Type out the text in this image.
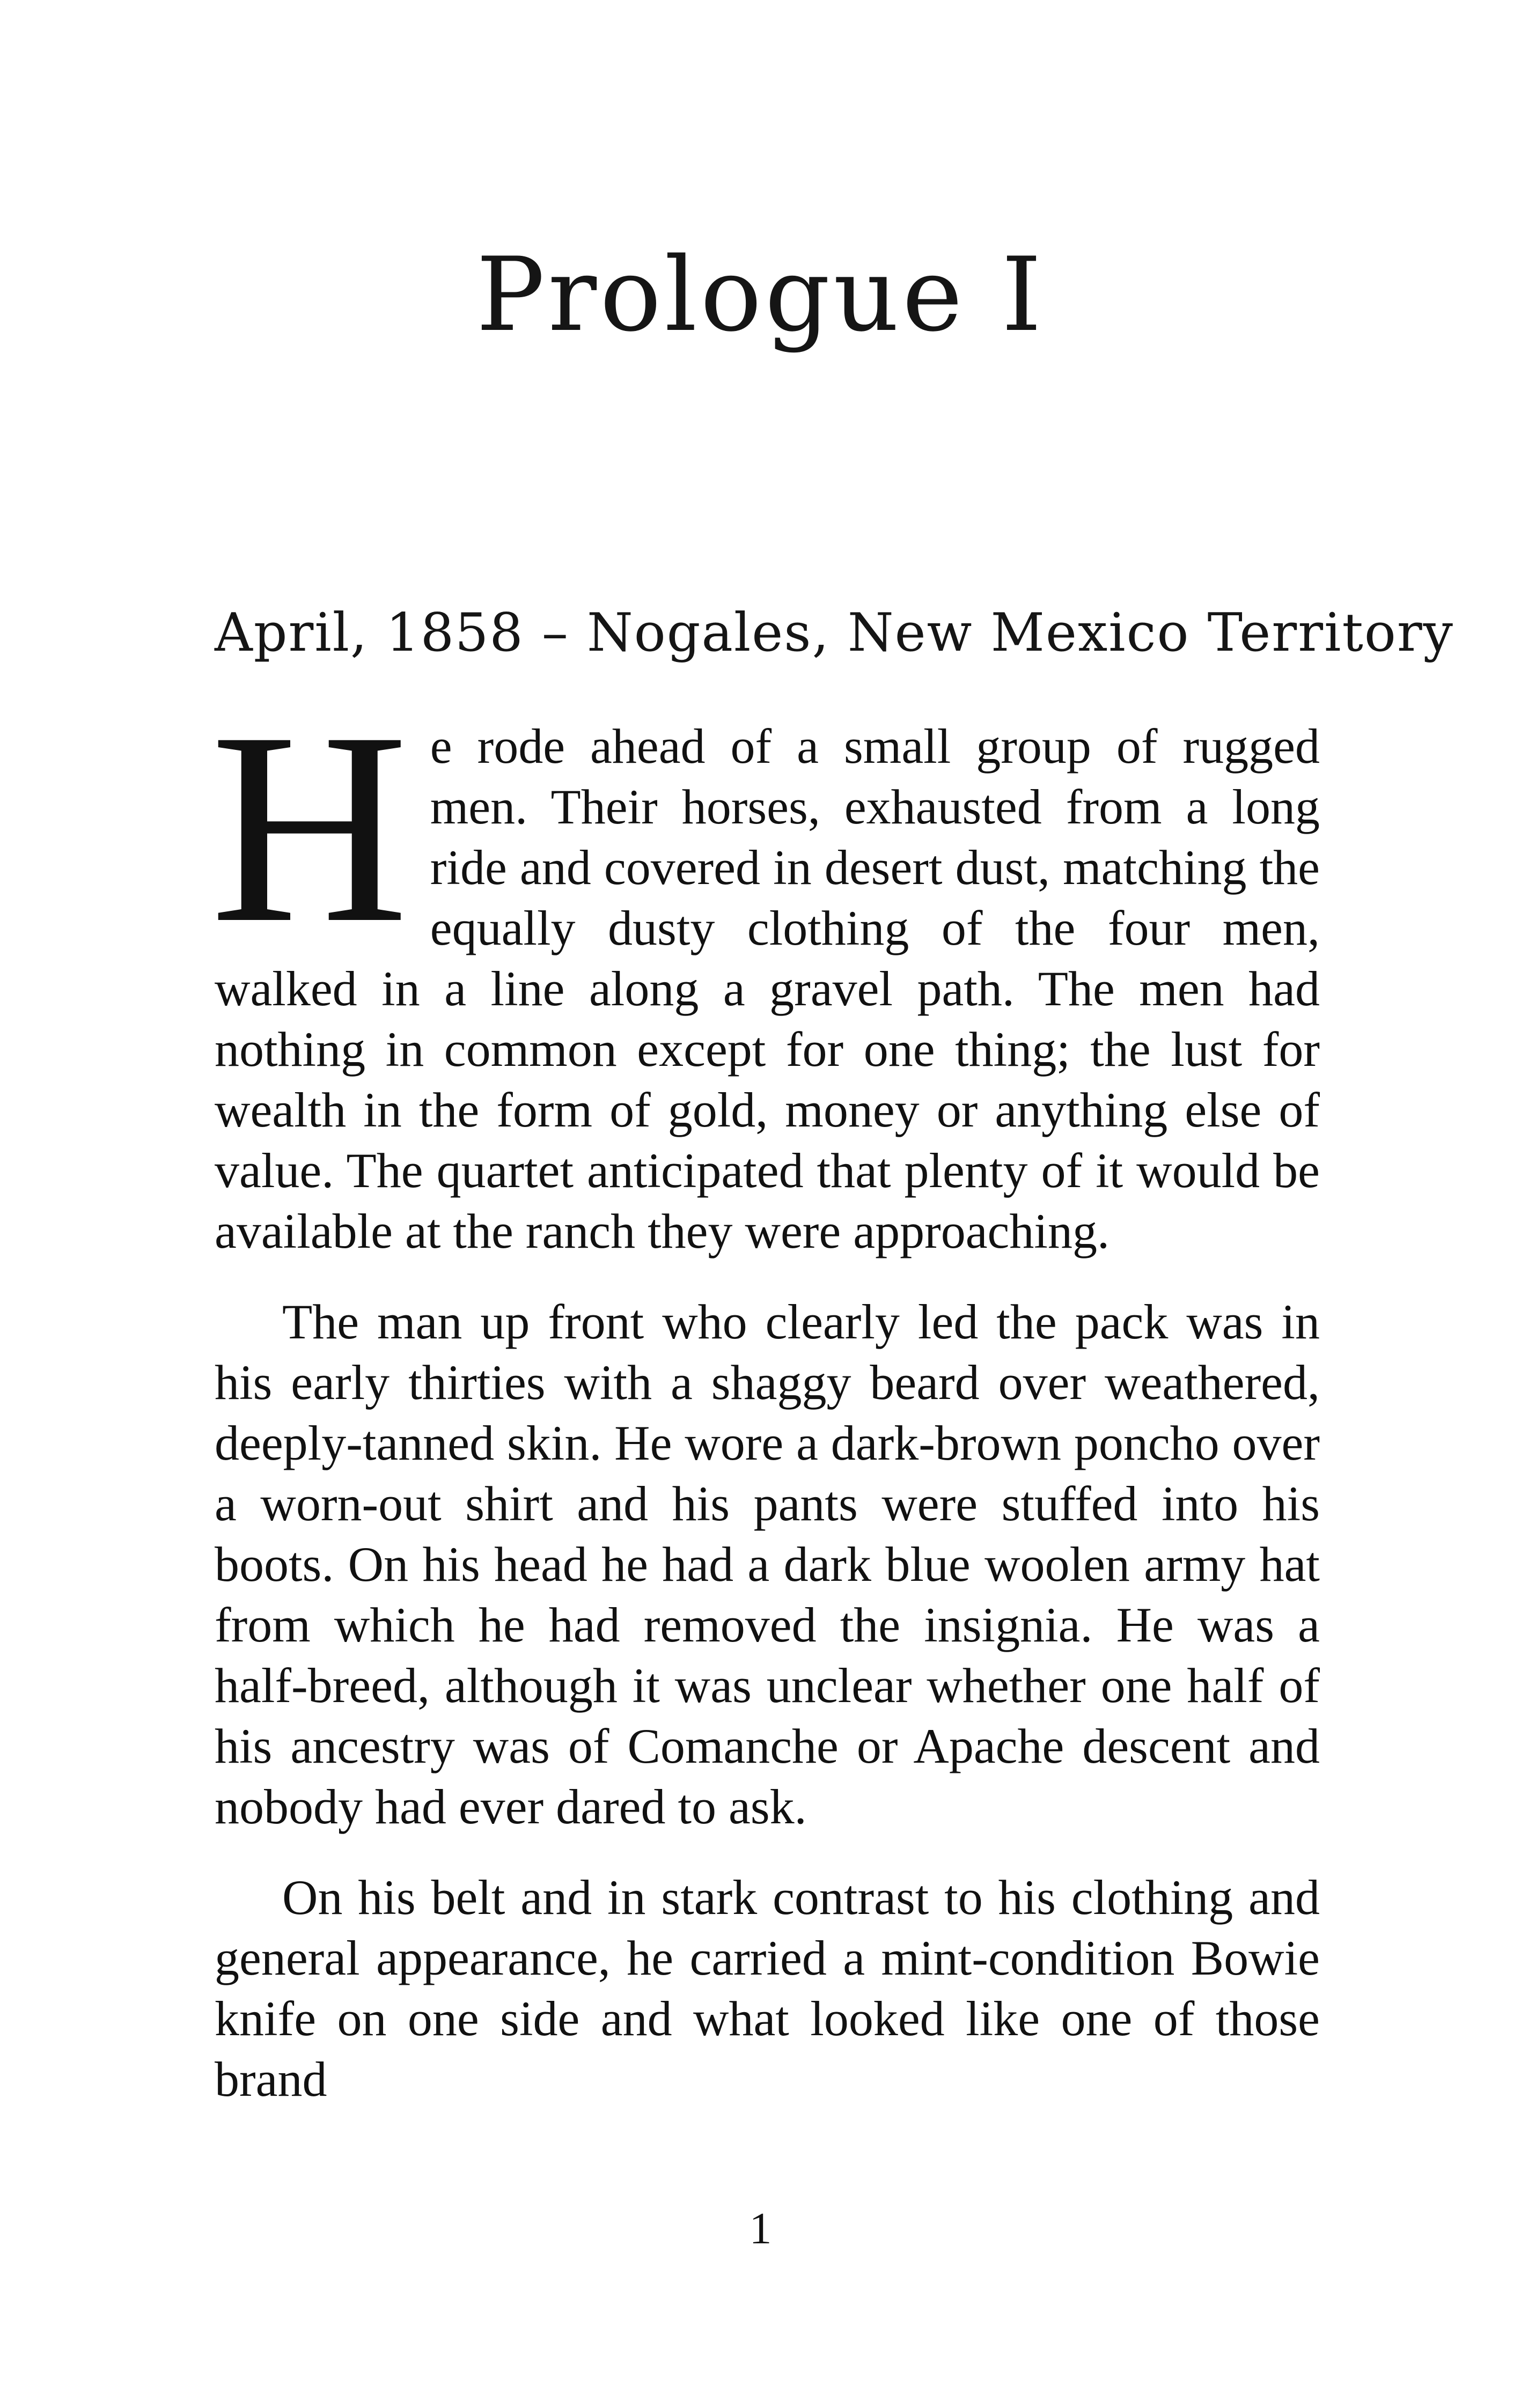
Prologue I
April, 1858 – Nogales, New Mexico Territory

He rode ahead of a small group of rugged men. Their horses, exhausted from a long ride and covered in desert dust, matching the equally dusty clothing of the four men, walked in a line along a gravel path. The men had nothing in common except for one thing; the lust for wealth in the form of gold, money or anything else of value. The quartet anticipated that plenty of it would be available at the ranch they were approaching.

The man up front who clearly led the pack was in his early thirties with a shaggy beard over weathered, deeply-tanned skin. He wore a dark-brown poncho over a worn-out shirt and his pants were stuffed into his boots. On his head he had a dark blue woolen army hat from which he had removed the insignia. He was a half-breed, although it was unclear whether one half of his ancestry was of Comanche or Apache descent and nobody had ever dared to ask.

On his belt and in stark contrast to his clothing and general appearance, he carried a mint-condition Bowie knife on one side and what looked like one of those brand

1
